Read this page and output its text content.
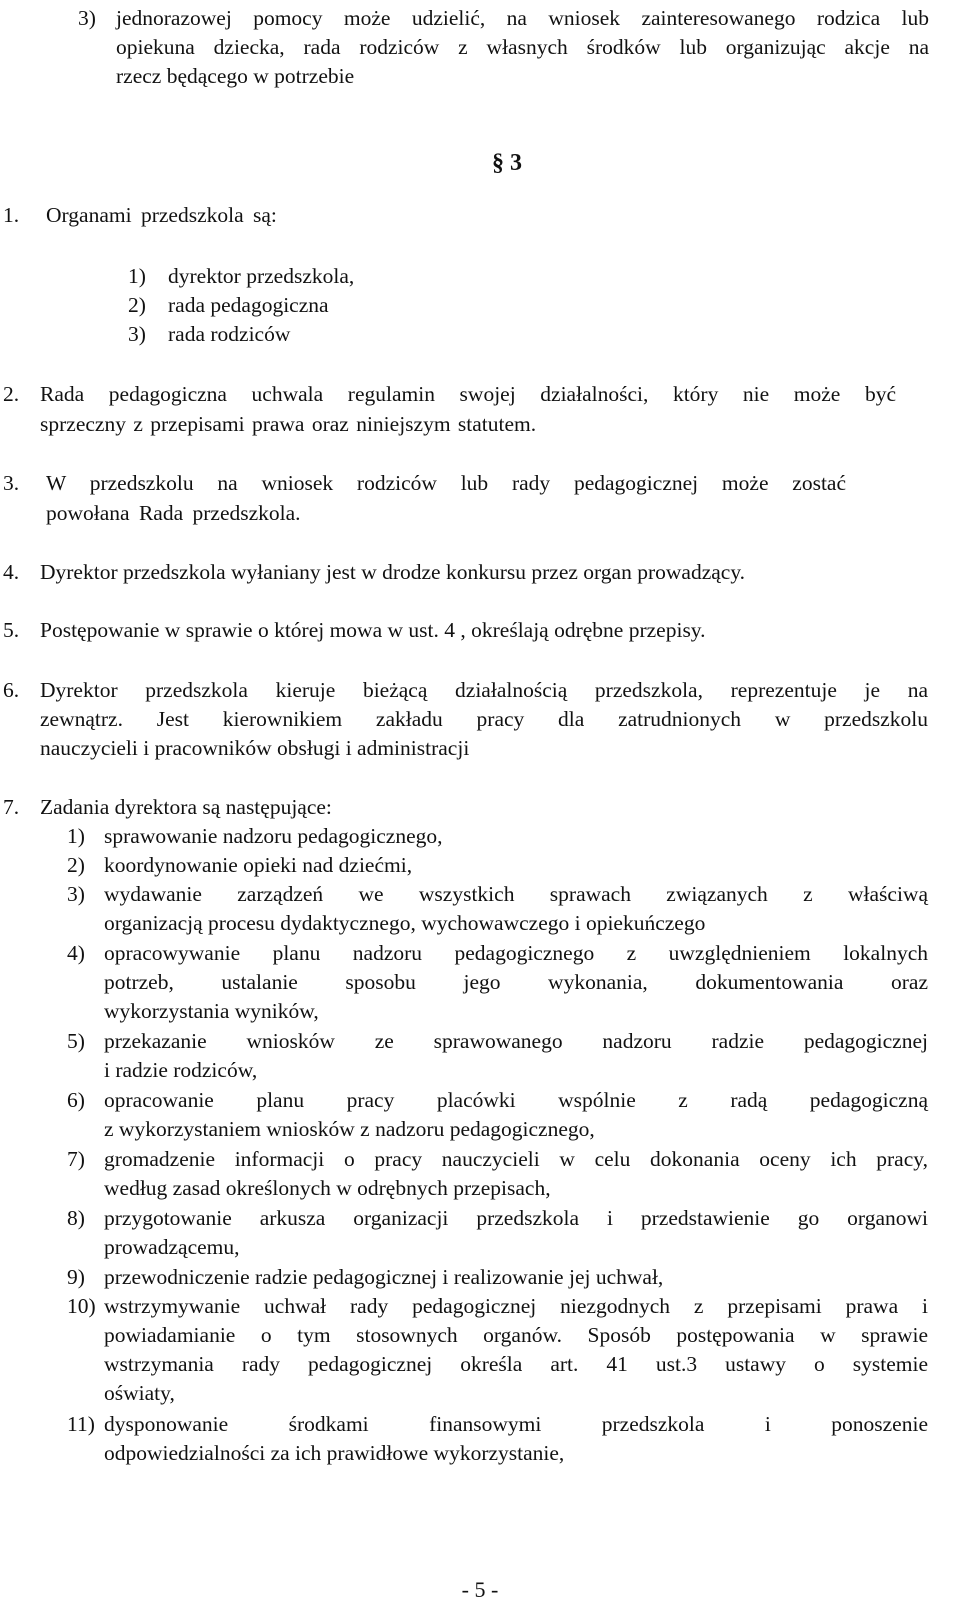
3) jednorazowej pomocy może udzielić, na wniosek zainteresowanego rodzica lub
opiekuna dziecka, rada rodziców z własnych środków lub organizując akcje na
rzecz będącego w potrzebie
§ 3
1. Organami przedszkola są:
1) dyrektor przedszkola,
2) rada pedagogiczna
3) rada rodziców
2. Rada pedagogiczna uchwala regulamin swojej działalności, który nie może być
sprzeczny z przepisami prawa oraz niniejszym statutem.
3. W przedszkolu na wniosek rodziców lub rady pedagogicznej może zostać
powołana Rada przedszkola.
4. Dyrektor przedszkola wyłaniany jest w drodze konkursu przez organ prowadzący.
5. Postępowanie w sprawie o której mowa w ust. 4 , określają odrębne przepisy.
6. Dyrektor przedszkola kieruje bieżącą działalnością przedszkola, reprezentuje je na
zewnątrz. Jest kierownikiem zakładu pracy dla zatrudnionych w przedszkolu
nauczycieli i pracowników obsługi i administracji
7. Zadania dyrektora są następujące:
1) sprawowanie nadzoru pedagogicznego,
2) koordynowanie opieki nad dziećmi,
3) wydawanie zarządzeń we wszystkich sprawach związanych z właściwą
organizacją procesu dydaktycznego, wychowawczego i opiekuńczego
4) opracowywanie planu nadzoru pedagogicznego z uwzględnieniem lokalnych
potrzeb, ustalanie sposobu jego wykonania, dokumentowania oraz
wykorzystania wyników,
5) przekazanie wniosków ze sprawowanego nadzoru radzie pedagogicznej
i radzie rodziców,
6) opracowanie planu pracy placówki wspólnie z radą pedagogiczną
z wykorzystaniem wniosków z nadzoru pedagogicznego,
7) gromadzenie informacji o pracy nauczycieli w celu dokonania oceny ich pracy,
według zasad określonych w odrębnych przepisach,
8) przygotowanie arkusza organizacji przedszkola i przedstawienie go organowi
prowadzącemu,
9) przewodniczenie radzie pedagogicznej i realizowanie jej uchwał,
10) wstrzymywanie uchwał rady pedagogicznej niezgodnych z przepisami prawa i
powiadamianie o tym stosownych organów. Sposób postępowania w sprawie
wstrzymania rady pedagogicznej określa art. 41 ust.3 ustawy o systemie
oświaty,
11) dysponowanie środkami finansowymi przedszkola i ponoszenie
odpowiedzialności za ich prawidłowe wykorzystanie,
- 5 -
